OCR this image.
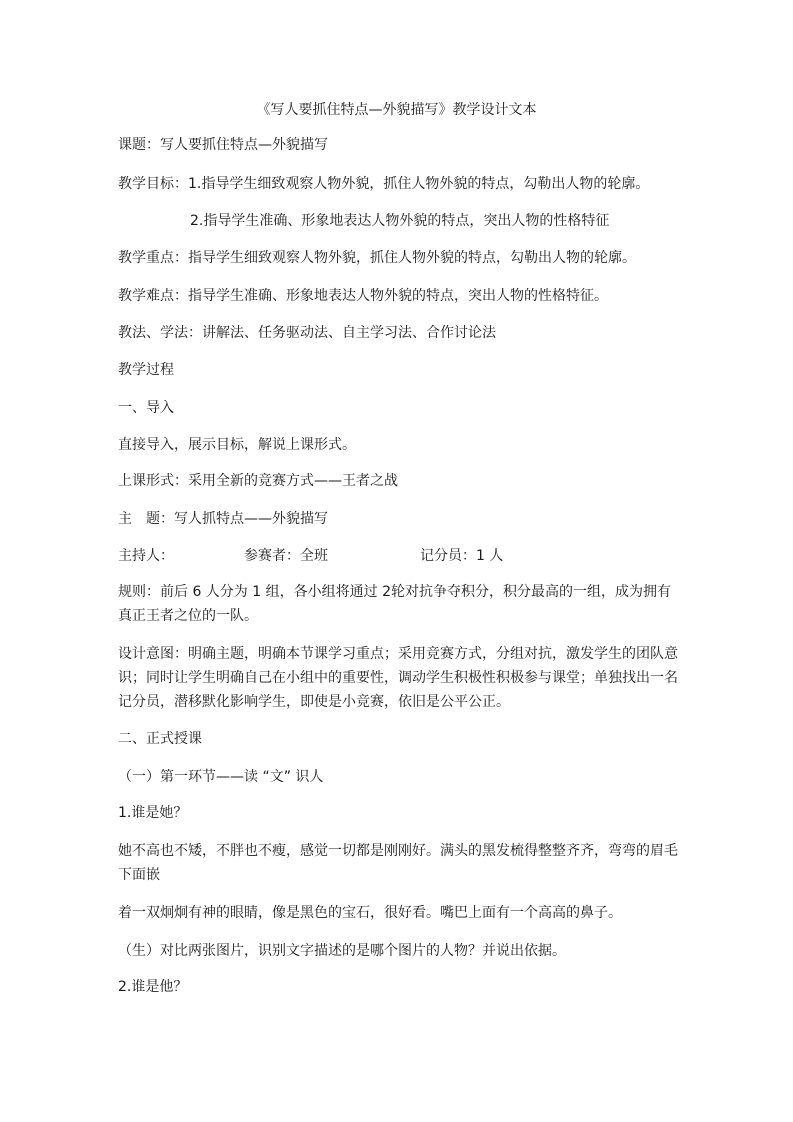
《写人要抓住特点—外貌描写》教学设计文本
课题：写人要抓住特点—外貌描写
教学目标：1.指导学生细致观察人物外貌，抓住人物外貌的特点，勾勒出人物的轮廓。
2.指导学生准确、形象地表达人物外貌的特点，突出人物的性格特征
教学重点：指导学生细致观察人物外貌，抓住人物外貌的特点，勾勒出人物的轮廓。
教学难点：指导学生准确、形象地表达人物外貌的特点，突出人物的性格特征。
教法、学法：讲解法、任务驱动法、自主学习法、合作讨论法
教学过程
一、导入
直接导入，展示目标，解说上课形式。
上课形式：采用全新的竞赛方式——王者之战
主　题：写人抓特点——外貌描写
主持人：	参赛者：全班	记分员：1 人
规则：前后 6 人分为 1 组，各小组将通过 2轮对抗争夺积分，积分最高的一组，成为拥有真正王者之位的一队。
设计意图：明确主题，明确本节课学习重点；采用竞赛方式，分组对抗，激发学生的团队意识；同时让学生明确自己在小组中的重要性，调动学生积极性积极参与课堂；单独找出一名记分员，潜移默化影响学生，即使是小竞赛，依旧是公平公正。
二、正式授课
（一）第一环节——读 “文” 识人
1.谁是她？
她不高也不矮，不胖也不瘦，感觉一切都是刚刚好。满头的黑发梳得整整齐齐，弯弯的眉毛
下面嵌
着一双炯炯有神的眼睛，像是黑色的宝石，很好看。嘴巴上面有一个高高的鼻子。
（生）对比两张图片，识别文字描述的是哪个图片的人物？并说出依据。
2.谁是他？
